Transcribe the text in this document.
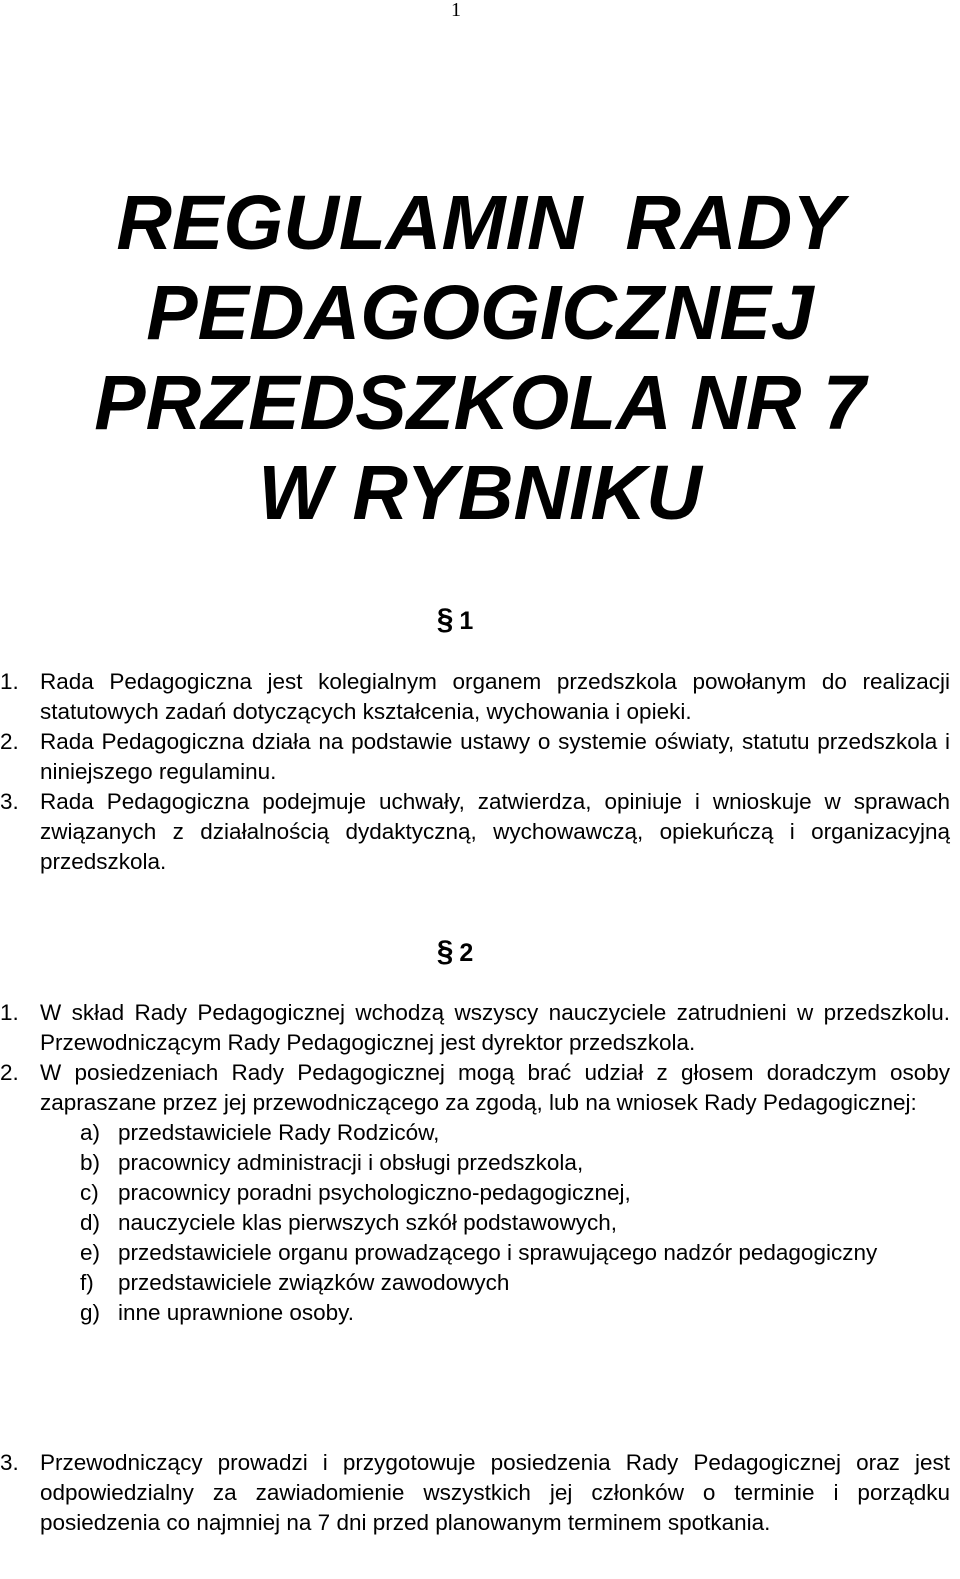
1
REGULAMIN  RADY
PEDAGOGICZNEJ
PRZEDSZKOLA NR 7
W RYBNIKU
§ 1
1. Rada Pedagogiczna jest kolegialnym organem przedszkola powołanym do realizacji statutowych zadań dotyczących kształcenia, wychowania i opieki.
2. Rada Pedagogiczna działa na podstawie ustawy o systemie oświaty, statutu przedszkola i niniejszego regulaminu.
3. Rada Pedagogiczna podejmuje uchwały, zatwierdza, opiniuje i wnioskuje w sprawach związanych z działalnością dydaktyczną, wychowawczą, opiekuńczą i organizacyjną przedszkola.
§ 2
1. W skład Rady Pedagogicznej wchodzą wszyscy nauczyciele zatrudnieni w przedszkolu. Przewodniczącym Rady Pedagogicznej jest dyrektor przedszkola.
2. W posiedzeniach Rady Pedagogicznej mogą brać udział z głosem doradczym osoby zapraszane przez jej przewodniczącego za zgodą, lub na wniosek Rady Pedagogicznej:
a) przedstawiciele Rady Rodziców,
b) pracownicy administracji i obsługi przedszkola,
c) pracownicy poradni psychologiczno-pedagogicznej,
d) nauczyciele klas pierwszych szkół podstawowych,
e) przedstawiciele organu prowadzącego i sprawującego nadzór pedagogiczny
f)	przedstawiciele związków zawodowych
g) inne uprawnione osoby.
3. Przewodniczący prowadzi i przygotowuje posiedzenia Rady Pedagogicznej oraz jest odpowiedzialny za zawiadomienie wszystkich jej członków o terminie i porządku posiedzenia co najmniej na 7 dni przed planowanym terminem spotkania.
